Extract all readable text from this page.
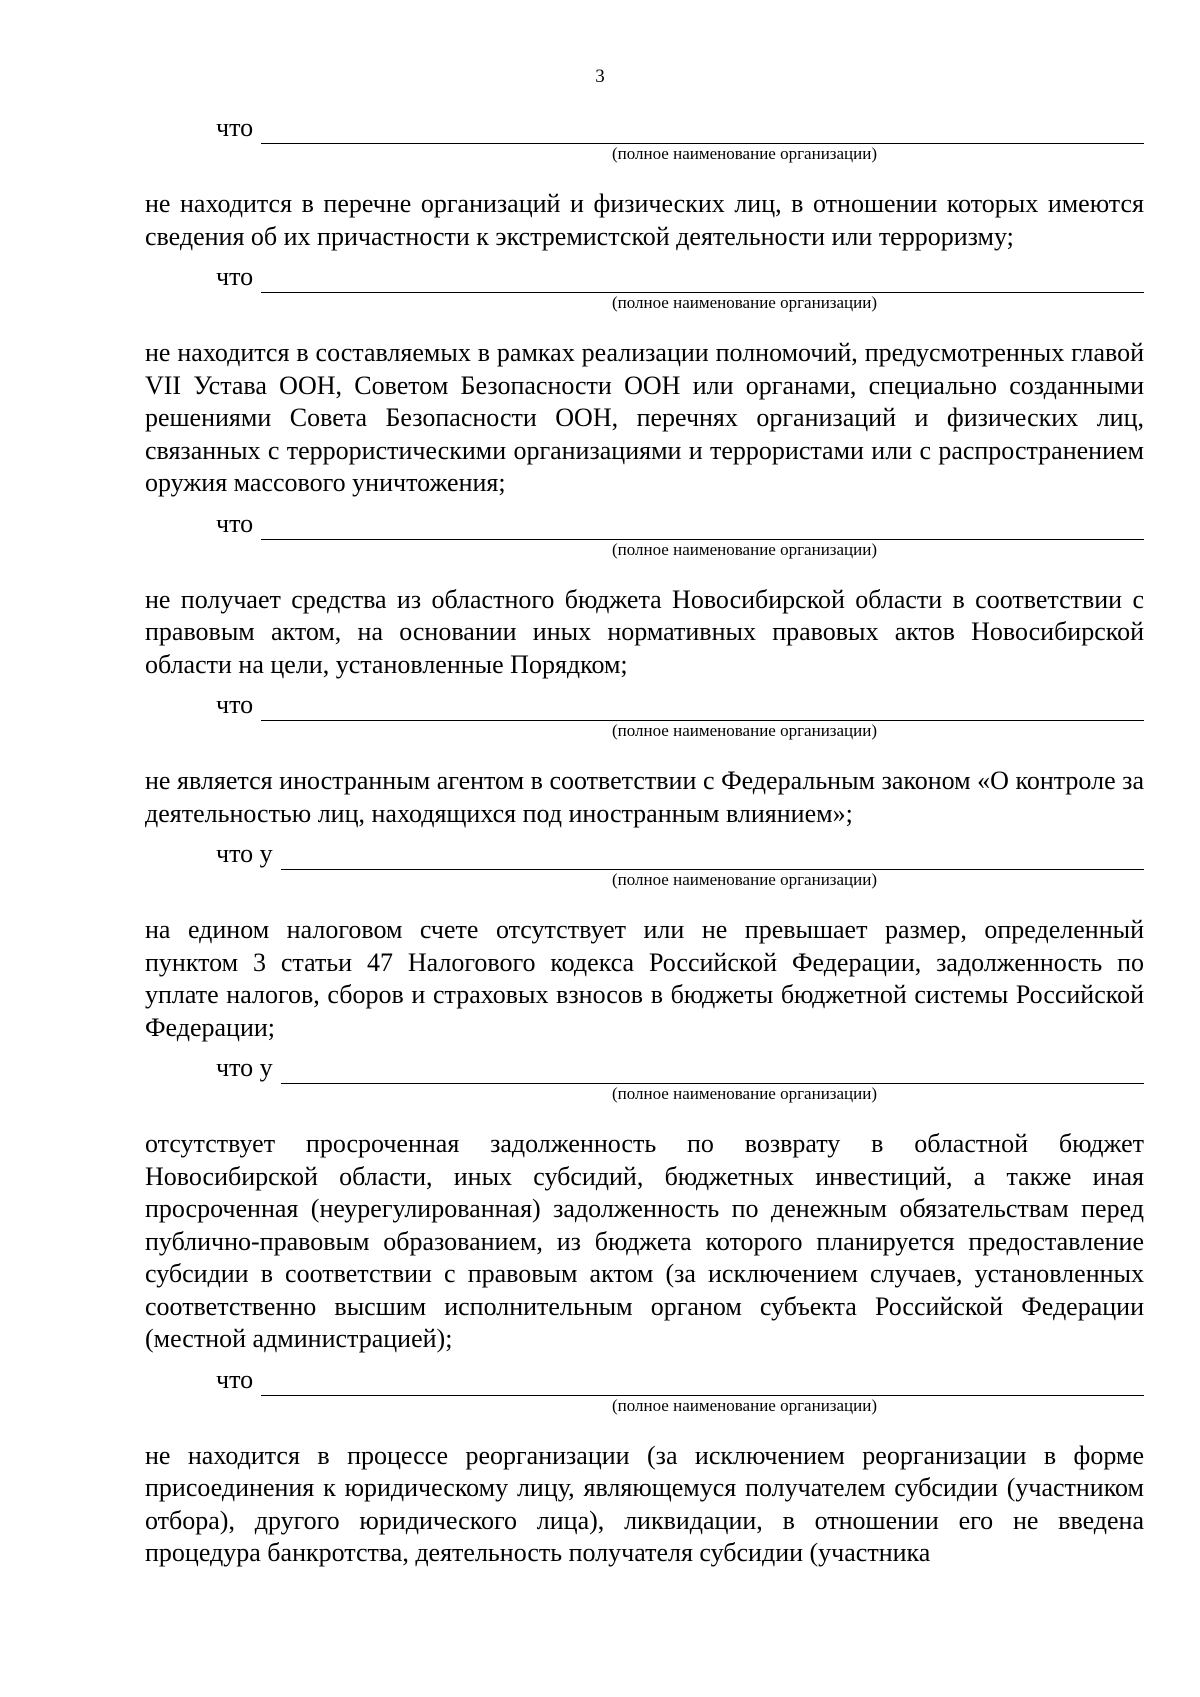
3
что
(полное наименование организации)
не находится в перечне организаций и физических лиц, в отношении которых имеются сведения об их причастности к экстремистской деятельности или терроризму;
что
(полное наименование организации)
не находится в составляемых в рамках реализации полномочий, предусмотренных главой VII Устава ООН, Советом Безопасности ООН или органами, специально созданными решениями Совета Безопасности ООН, перечнях организаций и физических лиц, связанных с террористическими организациями и террористами или с распространением оружия массового уничтожения;
что
(полное наименование организации)
не получает средства из областного бюджета Новосибирской области в соответствии с правовым актом, на основании иных нормативных правовых актов Новосибирской области на цели, установленные Порядком;
что
(полное наименование организации)
не является иностранным агентом в соответствии с Федеральным законом «О контроле за деятельностью лиц, находящихся под иностранным влиянием»;
что у
(полное наименование организации)
на едином налоговом счете отсутствует или не превышает размер, определенный пунктом 3 статьи 47 Налогового кодекса Российской Федерации, задолженность по уплате налогов, сборов и страховых взносов в бюджеты бюджетной системы Российской Федерации;
что у
(полное наименование организации)
отсутствует просроченная задолженность по возврату в областной бюджет Новосибирской области, иных субсидий, бюджетных инвестиций, а также иная просроченная (неурегулированная) задолженность по денежным обязательствам перед публично-правовым образованием, из бюджета которого планируется предоставление субсидии в соответствии с правовым актом (за исключением случаев, установленных соответственно высшим исполнительным органом субъекта Российской Федерации (местной администрацией);
что
(полное наименование организации)
не находится в процессе реорганизации (за исключением реорганизации в форме присоединения к юридическому лицу, являющемуся получателем субсидии (участником отбора), другого юридического лица), ликвидации, в отношении его не введена процедура банкротства, деятельность получателя субсидии (участника
